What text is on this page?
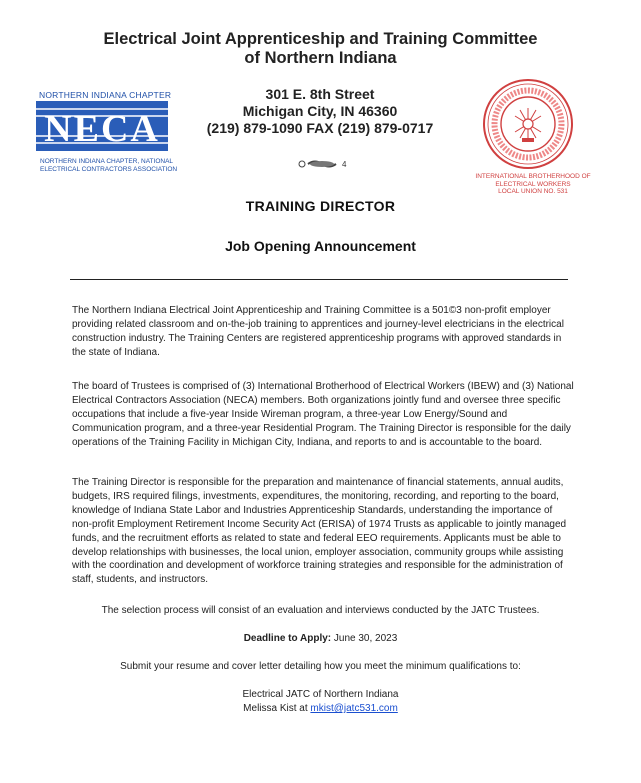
Electrical Joint Apprenticeship and Training Committee
of Northern Indiana
NORTHERN INDIANA CHAPTER
NECA
NORTHERN INDIANA CHAPTER, NATIONAL
ELECTRICAL CONTRACTORS ASSOCIATION
301 E. 8th Street
Michigan City, IN 46360
(219) 879-1090 FAX (219) 879-0717
4
INTERNATIONAL BROTHERHOOD OF
ELECTRICAL WORKERS
LOCAL UNION NO. 531
TRAINING DIRECTOR
Job Opening Announcement
The Northern Indiana Electrical Joint Apprenticeship and Training Committee is a 501©3 non-profit employer providing related classroom and on-the-job training to apprentices and journey-level electricians in the electrical construction industry. The Training Centers are registered apprenticeship programs with approved standards in the state of Indiana.
The board of Trustees is comprised of (3) International Brotherhood of Electrical Workers (IBEW) and (3) National Electrical Contractors Association (NECA) members. Both organizations jointly fund and oversee three specific occupations that include a five-year Inside Wireman program, a three-year Low Energy/Sound and Communication program, and a three-year Residential Program. The Training Director is responsible for the daily operations of the Training Facility in Michigan City, Indiana, and reports to and is accountable to the board.
The Training Director is responsible for the preparation and maintenance of financial statements, annual audits, budgets, IRS required filings, investments, expenditures, the monitoring, recording, and reporting to the board, knowledge of Indiana State Labor and Industries Apprenticeship Standards, understanding the importance of non-profit Employment Retirement Income Security Act (ERISA) of 1974 Trusts as applicable to jointly managed funds, and the recruitment efforts as related to state and federal EEO requirements. Applicants must be able to develop relationships with businesses, the local union, employer association, community groups while assisting with the coordination and development of workforce training strategies and responsible for the administration of staff, students, and instructors.
The selection process will consist of an evaluation and interviews conducted by the JATC Trustees.
Deadline to Apply: June 30, 2023
Submit your resume and cover letter detailing how you meet the minimum qualifications to:
Electrical JATC of Northern Indiana
Melissa Kist at mkist@jatc531.com
